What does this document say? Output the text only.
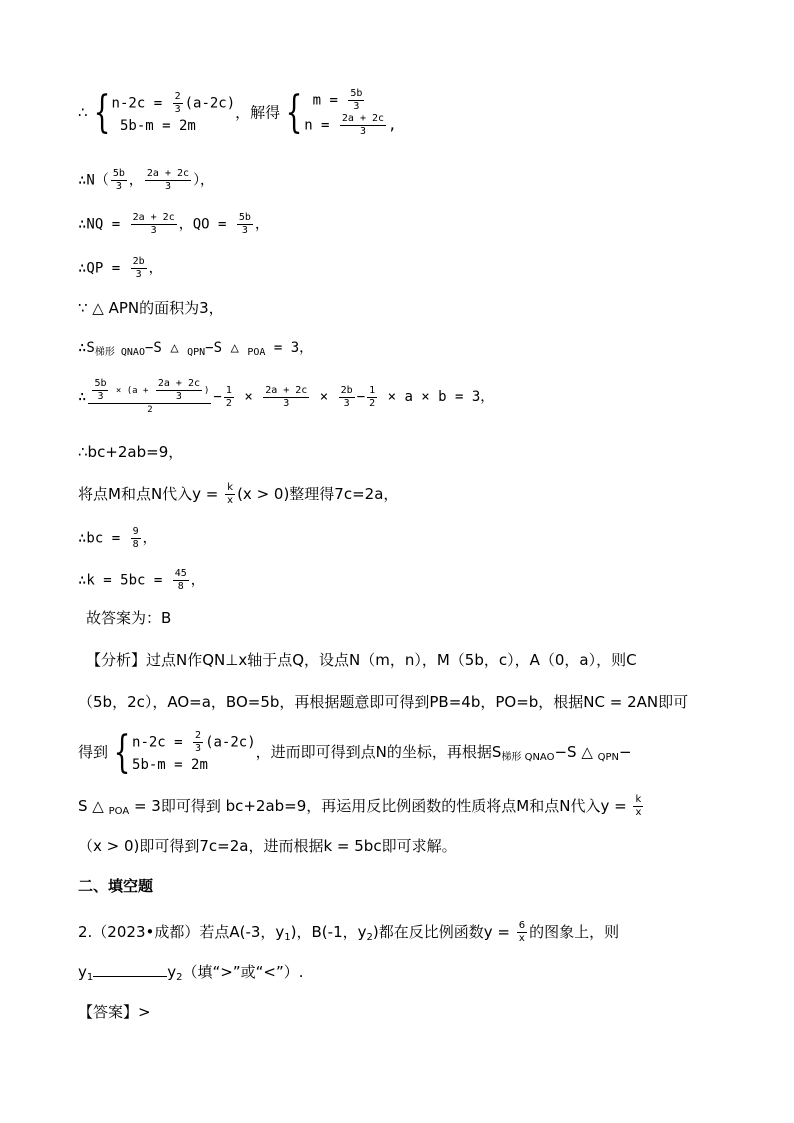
∴ { $n-2c = \frac{2}{3} (a-2c)$
5b-m = 2m
，解得 { $m = \frac{5b}{3}$
$n = \frac{2a + 2c}{3}$ ,
∴N（ $\frac{5b}{3}$ ， $\frac{2a + 2c}{3}$ ），
∴NQ = $\frac{2a + 2c}{3}$ ，QO = $\frac{5b}{3}$ ，
∴QP = $\frac{2b}{3}$ ，
∵ △ APN的面积为3，
$\therefore S_{梯形 QNAO}-S$ △ $_{QPN}$−S △ $_{POA}$ = 3，
∴ $\frac{\frac{5b}{3} \times (a + \frac{2a + 2c}{3} )}{2} - \frac{1}{2} \times \frac{2a + 2c}{3} \times \frac{2b}{3} - \frac{1}{2} \times a \times b = 3$，
∴bc+2ab=9，
将点M和点N代入$y = \frac{k}{x} (x > 0)$整理得7c=2a，
∴bc = $\frac{9}{8}$ ，
∴k = $5bc = \frac{45}{8}$ ，
故答案为：B
【分析】过点N作QN⊥x轴于点Q，设点N（m，n），M（5b，c），A（0，a），则C
（5b，2c），AO=a，BO=5b，再根据题意即可得到PB=4b，PO=b，根据NC = 2AN即可
得到 { $n-2c = \frac{2}{3} (a-2c)$
5b-m = 2m
，进而即可得到点N的坐标，再根据$S_{梯形 QNAO}-S$ △ $_{QPN}$−
S △ $_{POA}$ = 3即可得到 bc+2ab=9，再运用反比例函数的性质将点M和点N代入$y = \frac{k}{x}$
（x > 0)即可得到7c=2a，进而根据k = 5bc即可求解。
二、填空题
2.（2023•成都）若点A(-3，$y_1$)，B(-1，$y_2$)都在反比例函数$y = \frac{6}{x}$ 的图象上，则
$y_1$	$y_2$（填“>”或“<”）.
【答案】>
